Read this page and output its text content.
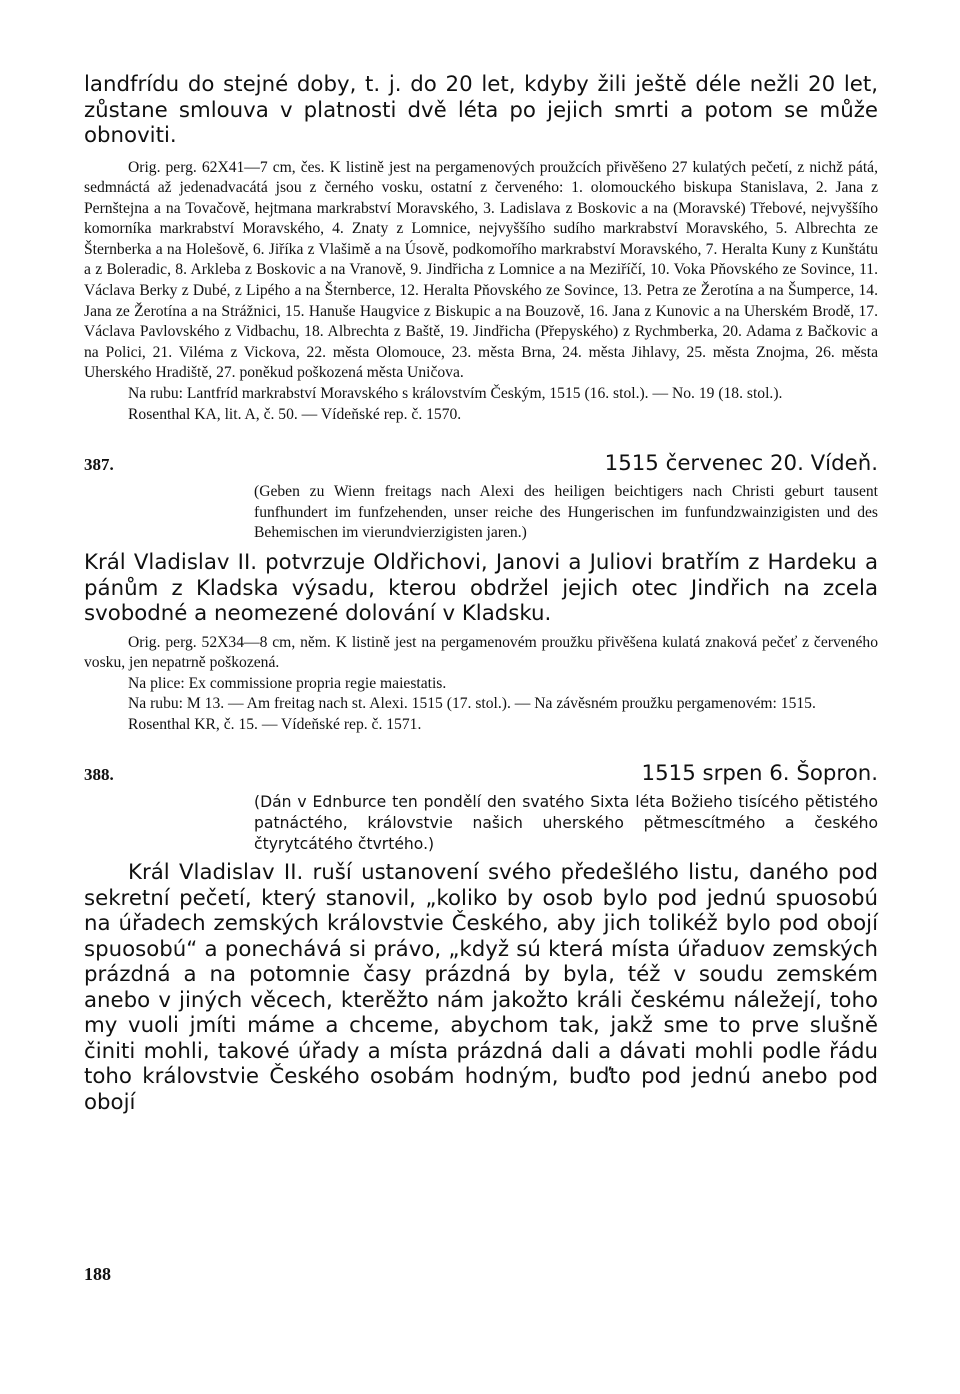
landfrídu do stejné doby, t. j. do 20 let, kdyby žili ještě déle nežli 20 let, zůstane smlouva v platnosti dvě léta po jejich smrti a potom se může obnoviti.

Orig. perg. 62X41—7 cm, čes. K listině jest na pergamenových proužcích přivěšeno 27 kulatých pečetí, z nichž pátá, sedmnáctá až jedenadvacátá jsou z černého vosku, ostatní z červeného: 1. olomouckého biskupa Stanislava, 2. Jana z Pernštejna a na Tovačově, hejtmana markrabství Moravského, 3. Ladislava z Boskovic a na (Moravské) Třebové, nejvyššího komorníka markrabství Moravského, 4. Znaty z Lomnice, nejvyššího sudího markrabství Moravského, 5. Albrechta ze Šternberka a na Holešově, 6. Jiříka z Vlašimě a na Úsově, podkomořího markrabství Moravského, 7. Heralta Kuny z Kunštátu a z Boleradic, 8. Arkleba z Boskovic a na Vranově, 9. Jindřicha z Lomnice a na Meziříčí, 10. Voka Pňovského ze Sovince, 11. Václava Berky z Dubé, z Lipého a na Šternberce, 12. Heralta Pňovského ze Sovince, 13. Petra ze Žerotína a na Šumperce, 14. Jana ze Žerotína a na Strážnici, 15. Hanuše Haugvice z Biskupic a na Bouzově, 16. Jana z Kunovic a na Uherském Brodě, 17. Václava Pavlovského z Vidbachu, 18. Albrechta z Baště, 19. Jindřicha (Přepyského) z Rychmberka, 20. Adama z Bačkovic a na Polici, 21. Viléma z Vickova, 22. města Olomouce, 23. města Brna, 24. města Jihlavy, 25. města Znojma, 26. města Uherského Hradiště, 27. poněkud poškozená města Uničova.

Na rubu: Lantfríd markrabství Moravského s královstvím Českým, 1515 (16. stol.). — No. 19 (18. stol.).

Rosenthal KA, lit. A, č. 50. — Vídeňské rep. č. 1570.

387.	1515 červenec 20. Vídeň.

(Geben zu Wienn freitags nach Alexi des heiligen beichtigers nach Christi geburt tausent funfhundert im funfzehenden, unser reiche des Hungerischen im funfundzwainzigisten und des Behemischen im vierundvierzigisten jaren.)

Král Vladislav II. potvrzuje Oldřichovi, Janovi a Juliovi bratřím z Hardeku a pánům z Kladska výsadu, kterou obdržel jejich otec Jindřich na zcela svobodné a neomezené dolování v Kladsku.

Orig. perg. 52X34—8 cm, něm. K listině jest na pergamenovém proužku přivěšena kulatá znaková pečeť z červeného vosku, jen nepatrně poškozená.

Na plice: Ex commissione propria regie maiestatis.

Na rubu: M 13. — Am freitag nach st. Alexi. 1515 (17. stol.). — Na závěsném proužku pergamenovém: 1515.

Rosenthal KR, č. 15. — Vídeňské rep. č. 1571.

388.	1515 srpen 6. Šopron.

(Dán v Ednburce ten pondělí den svatého Sixta léta Božieho tisícého pětistého patnáctého, královstvie našich uherského pětmescítmého a českého čtyrytcátého čtvrtého.)

Král Vladislav II. ruší ustanovení svého předešlého listu, daného pod sekretní pečetí, který stanovil, „koliko by osob bylo pod jednú spuosobú na úřadech zemských královstvie Českého, aby jich tolikéž bylo pod obojí spuosobú“ a ponechává si právo, „když sú která místa úřaduov zemských prázdná a na potomnie časy prázdná by byla, též v soudu zemském anebo v jiných věcech, kterěžto nám jakožto králi českému náležejí, toho my vuoli jmíti máme a chceme, abychom tak, jakž sme to prve slušně činiti mohli, takové úřady a místa prázdná dali a dávati mohli podle řádu toho královstvie Českého osobám hodným, buďto pod jednú anebo pod obojí

188
